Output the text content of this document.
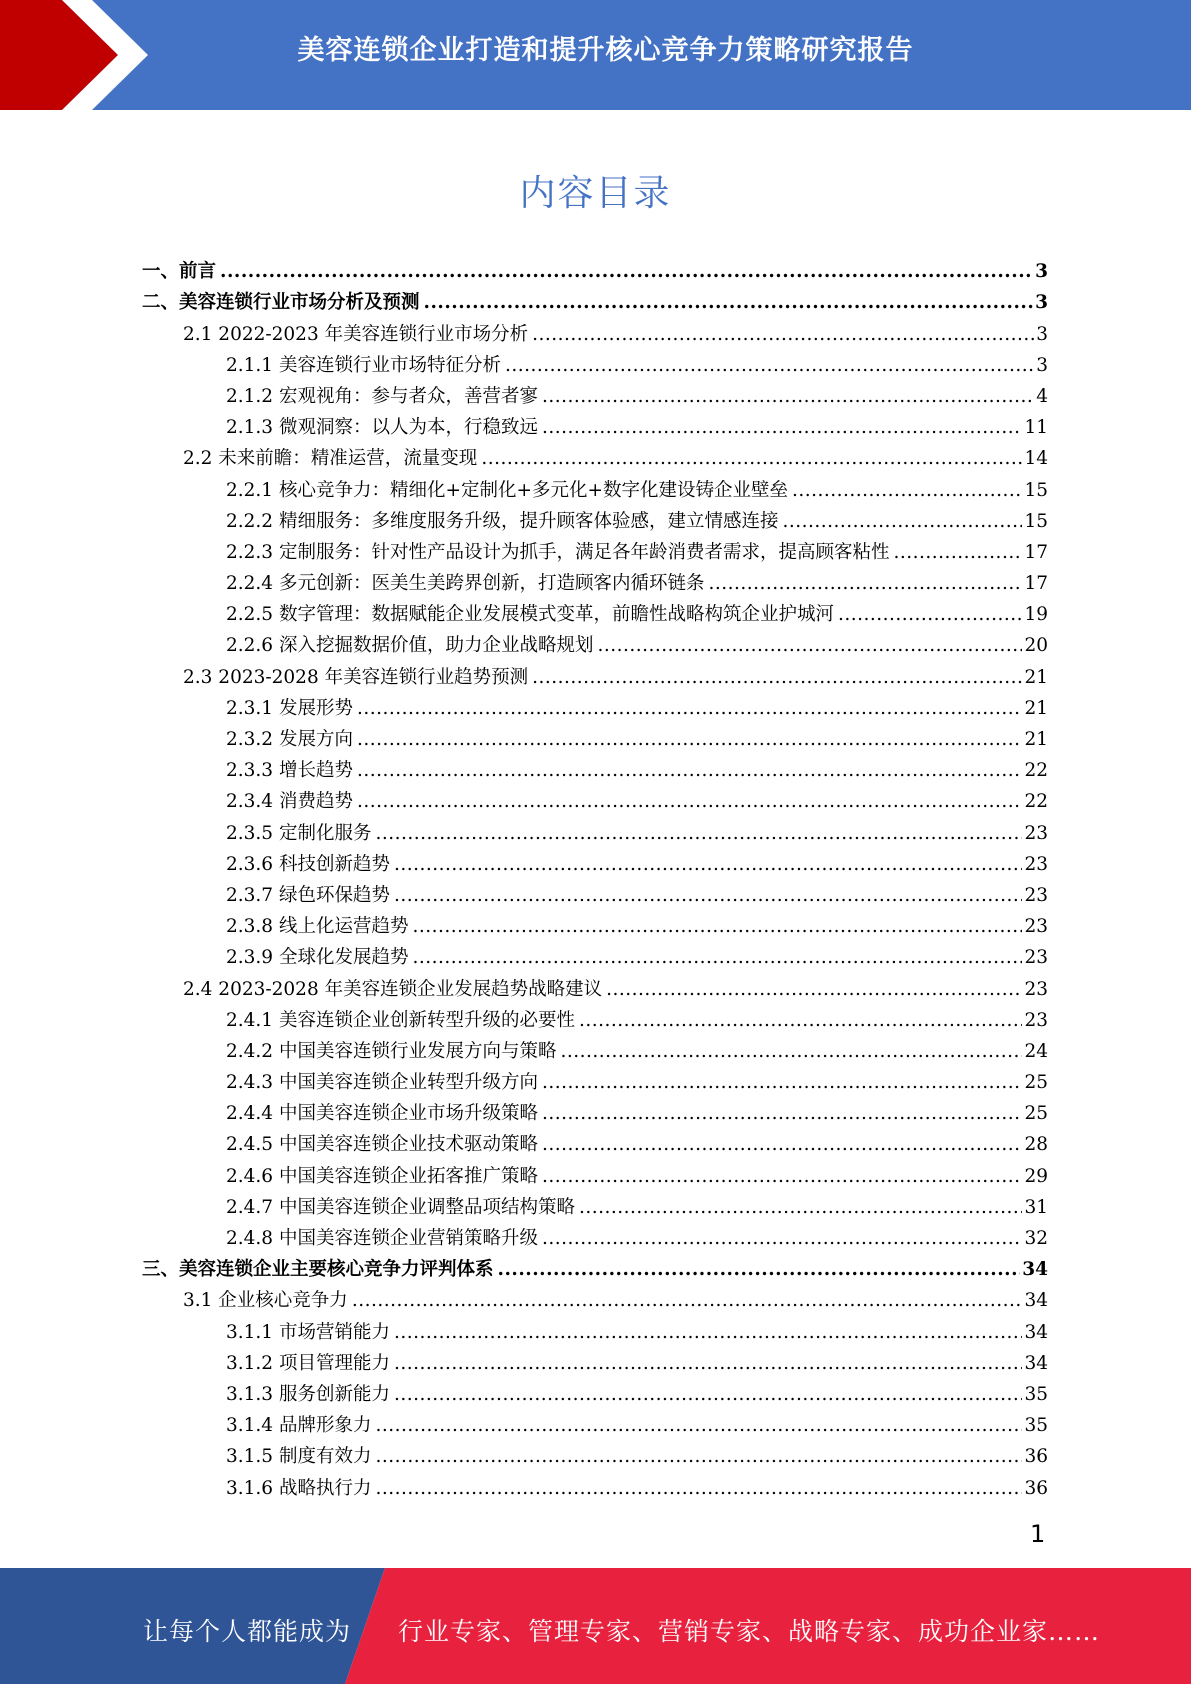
美容连锁企业打造和提升核心竞争力策略研究报告
内容目录
一、前言 .....	3
二、美容连锁行业市场分析及预测 .....	3
2.1 2022-2023 年美容连锁行业市场分析 .....	3
2.1.1 美容连锁行业市场特征分析 .....	3
2.1.2 宏观视角：参与者众，善营者寥 .....	4
2.1.3 微观洞察：以人为本，行稳致远 .....	11
2.2 未来前瞻：精准运营，流量变现 .....	14
2.2.1 核心竞争力：精细化+定制化+多元化+数字化建设铸企业壁垒 .....	15
2.2.2 精细服务：多维度服务升级，提升顾客体验感，建立情感连接 .....	15
2.2.3 定制服务：针对性产品设计为抓手，满足各年龄消费者需求，提高顾客粘性 .....	17
2.2.4 多元创新：医美生美跨界创新，打造顾客内循环链条 .....	17
2.2.5 数字管理：数据赋能企业发展模式变革，前瞻性战略构筑企业护城河 .....	19
2.2.6 深入挖掘数据价值，助力企业战略规划 .....	20
2.3 2023-2028 年美容连锁行业趋势预测 .....	21
2.3.1 发展形势 .....	21
2.3.2 发展方向 .....	21
2.3.3 增长趋势 .....	22
2.3.4 消费趋势 .....	22
2.3.5 定制化服务 .....	23
2.3.6 科技创新趋势 .....	23
2.3.7 绿色环保趋势 .....	23
2.3.8 线上化运营趋势 .....	23
2.3.9 全球化发展趋势 .....	23
2.4 2023-2028 年美容连锁企业发展趋势战略建议 .....	23
2.4.1 美容连锁企业创新转型升级的必要性 .....	23
2.4.2 中国美容连锁行业发展方向与策略 .....	24
2.4.3 中国美容连锁企业转型升级方向 .....	25
2.4.4 中国美容连锁企业市场升级策略 .....	25
2.4.5 中国美容连锁企业技术驱动策略 .....	28
2.4.6 中国美容连锁企业拓客推广策略 .....	29
2.4.7 中国美容连锁企业调整品项结构策略 .....	31
2.4.8 中国美容连锁企业营销策略升级 .....	32
三、美容连锁企业主要核心竞争力评判体系 .....	34
3.1 企业核心竞争力 .....	34
3.1.1 市场营销能力 .....	34
3.1.2 项目管理能力 .....	34
3.1.3 服务创新能力 .....	35
3.1.4 品牌形象力 .....	35
3.1.5 制度有效力 .....	36
3.1.6 战略执行力 .....	36
1
让每个人都能成为 行业专家、管理专家、营销专家、战略专家、成功企业家……
